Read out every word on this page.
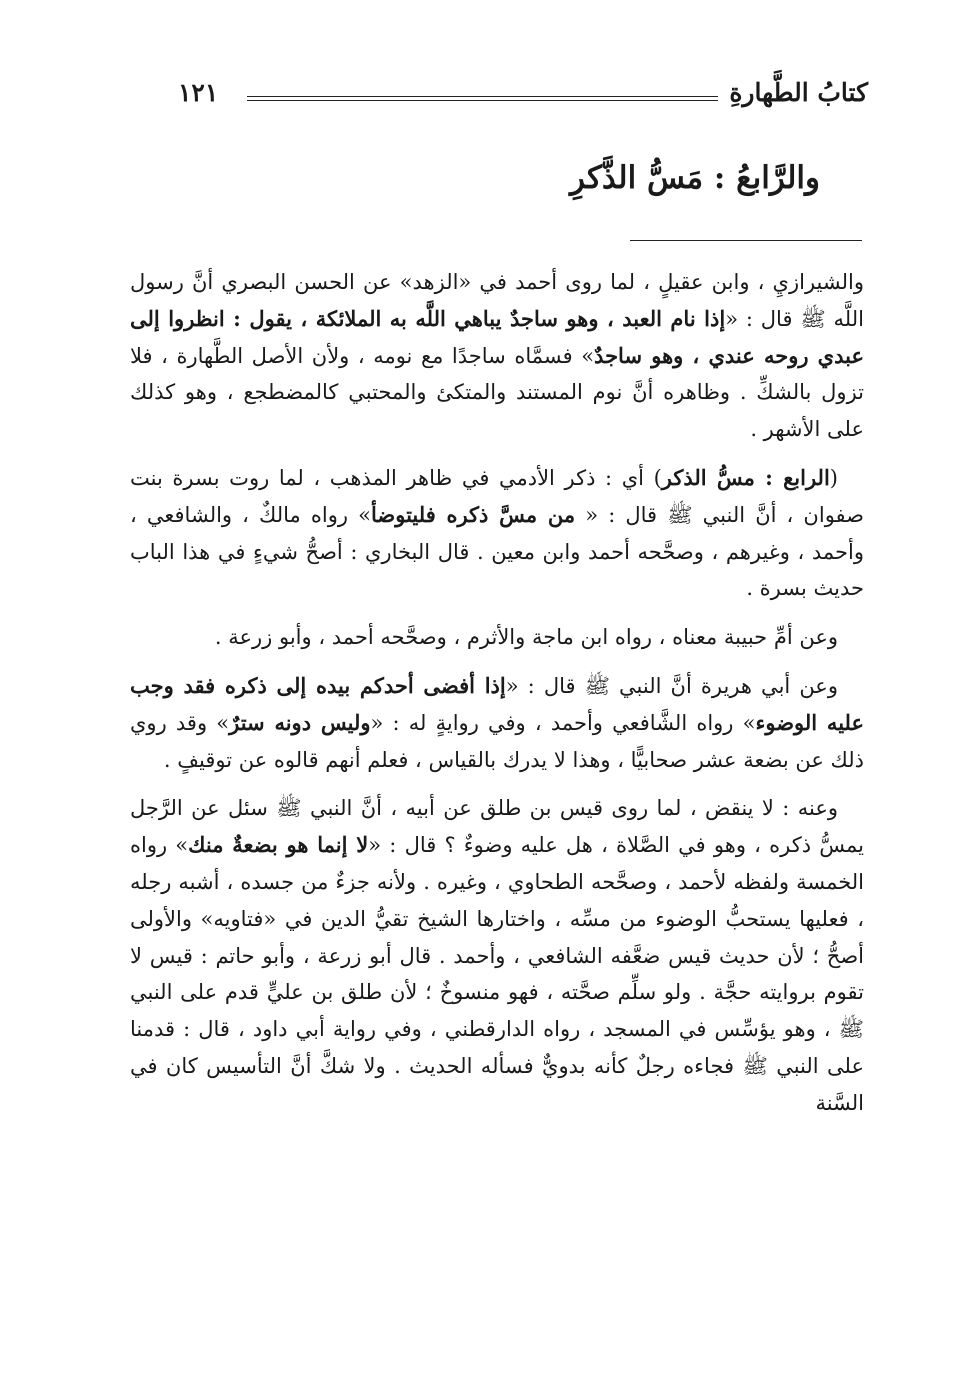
كتابُ الطَّهارةِ
١٢١
والرَّابعُ : مَسُّ الذَّكرِ

والشيرازيِ ، وابن عقيلٍ ، لما روى أحمد في «الزهد» عن الحسن البصري أنَّ رسول اللَّه ﷺ قال : «إذا نام العبد ، وهو ساجدٌ يباهي اللَّه به الملائكة ، يقول : انظروا إلى عبدي روحه عندي ، وهو ساجدٌ» فسمَّاه ساجدًا مع نومه ، ولأن الأصل الطَّهارة ، فلا تزول بالشكِّ . وظاهره أنَّ نوم المستند والمتكئ والمحتبي كالمضطجع ، وهو كذلك على الأشهر .

(الرابع : مسُّ الذكر) أي : ذكر الأدمي في ظاهر المذهب ، لما روت بسرة بنت صفوان ، أنَّ النبي ﷺ قال : « من مسَّ ذكره فليتوضأ» رواه مالكٌ ، والشافعي ، وأحمد ، وغيرهم ، وصحَّحه أحمد وابن معين . قال البخاري : أصحُّ شيءٍ في هذا الباب حديث بسرة .

وعن أمِّ حبيبة معناه ، رواه ابن ماجة والأثرم ، وصحَّحه أحمد ، وأبو زرعة .

وعن أبي هريرة أنَّ النبي ﷺ قال : «إذا أفضى أحدكم بيده إلى ذكره فقد وجب عليه الوضوء» رواه الشَّافعي وأحمد ، وفي روايةٍ له : «وليس دونه سترٌ» وقد روي ذلك عن بضعة عشر صحابيًّا ، وهذا لا يدرك بالقياس ، فعلم أنهم قالوه عن توقيفٍ .

وعنه : لا ينقض ، لما روى قيس بن طلق عن أبيه ، أنَّ النبي ﷺ سئل عن الرَّجل يمسُّ ذكره ، وهو في الصَّلاة ، هل عليه وضوءٌ ؟ قال : «لا إنما هو بضعةٌ منك» رواه الخمسة ولفظه لأحمد ، وصحَّحه الطحاوي ، وغيره . ولأنه جزءٌ من جسده ، أشبه رجله ، فعليها يستحبُّ الوضوء من مسِّه ، واختارها الشيخ تقيُّ الدين في «فتاويه» والأولى أصحُّ ؛ لأن حديث قيس ضعَّفه الشافعي ، وأحمد . قال أبو زرعة ، وأبو حاتم : قيس لا تقوم بروايته حجَّة . ولو سلِّم صحَّته ، فهو منسوخٌ ؛ لأن طلق بن عليٍّ قدم على النبي ﷺ ، وهو يؤسِّس في المسجد ، رواه الدارقطني ، وفي رواية أبي داود ، قال : قدمنا على النبي ﷺ فجاءه رجلٌ كأنه بدويٌّ فسأله الحديث . ولا شكَّ أنَّ التأسيس كان في السَّنة
